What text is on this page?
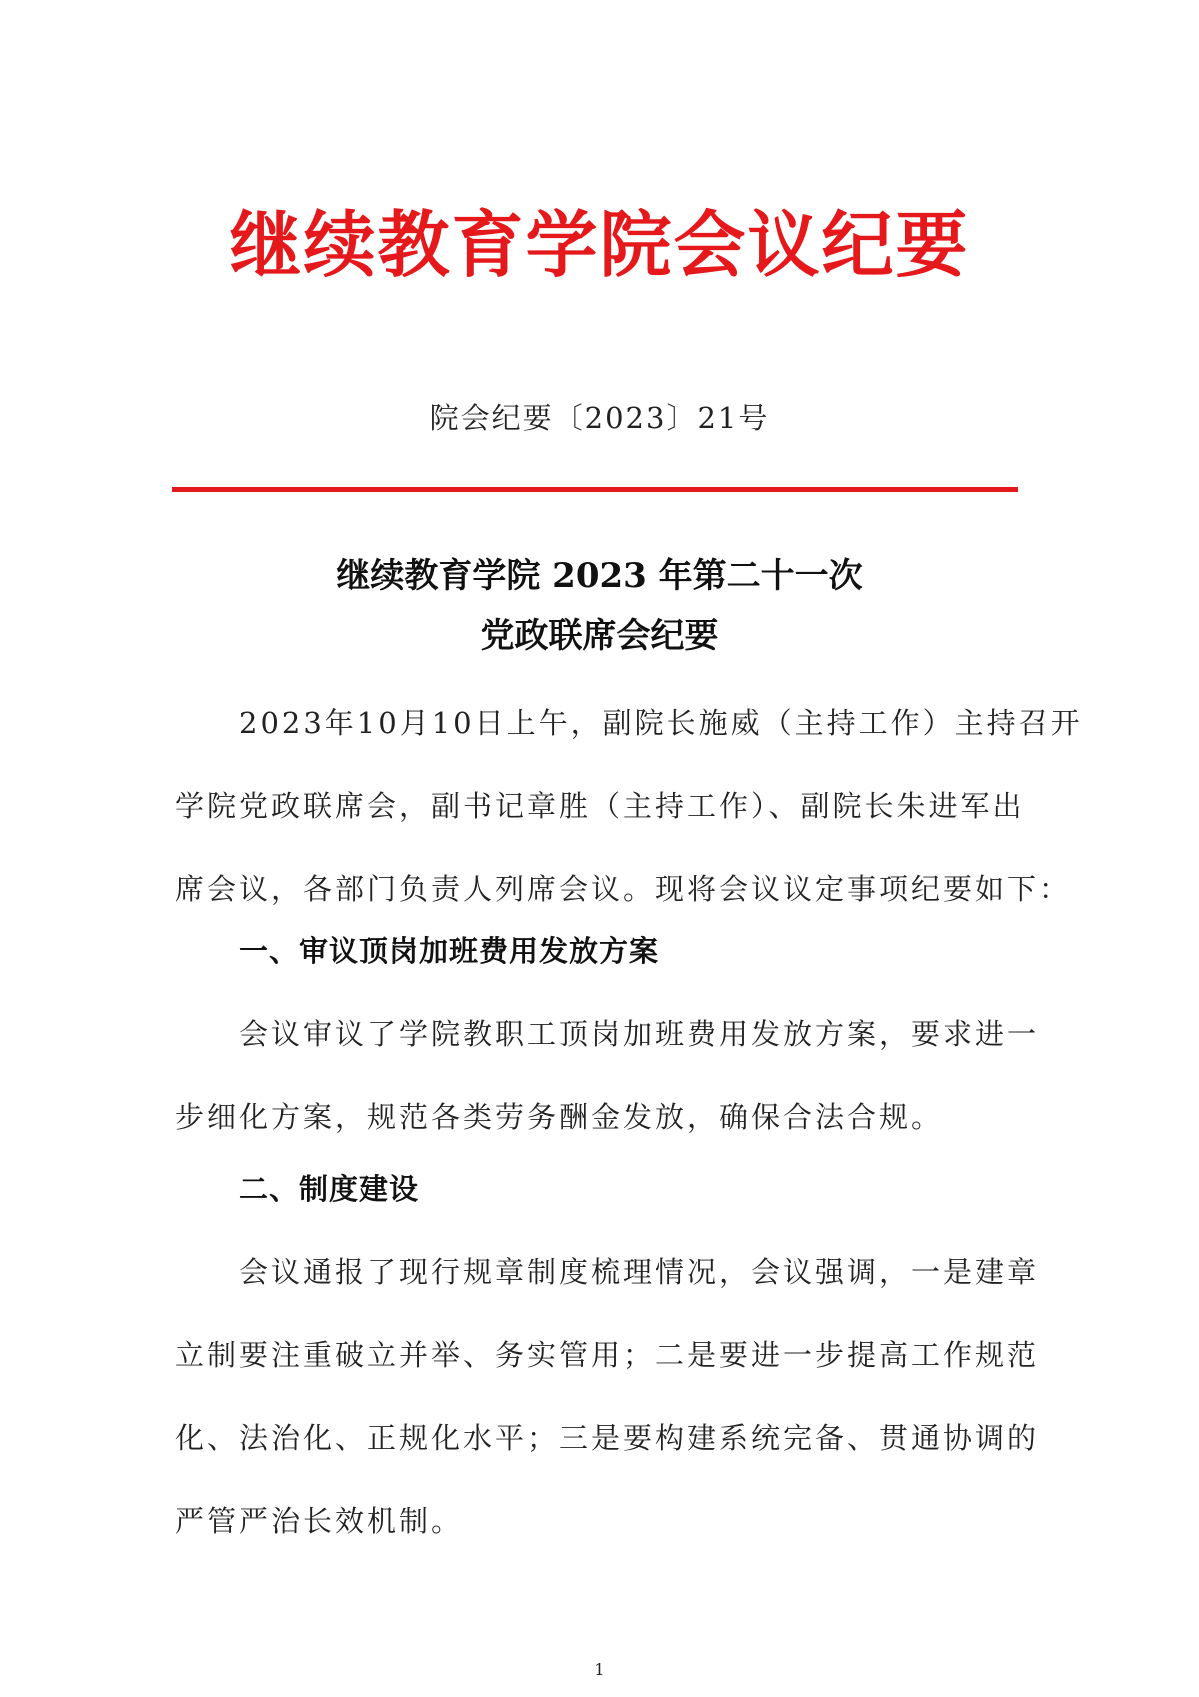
继续教育学院会议纪要
院会纪要〔2023〕21号
继续教育学院 2023 年第二十一次
党政联席会纪要

2023年10月10日上午，副院长施威（主持工作）主持召开

学院党政联席会，副书记章胜（主持工作）、副院长朱进军出
席会议，各部门负责人列席会议。现将会议议定事项纪要如下：

一、审议顶岗加班费用发放方案

会议审议了学院教职工顶岗加班费用发放方案，要求进一

步细化方案，规范各类劳务酬金发放，确保合法合规。

二、制度建设

会议通报了现行规章制度梳理情况，会议强调，一是建章

立制要注重破立并举、务实管用；二是要进一步提高工作规范
化、法治化、正规化水平；三是要构建系统完备、贯通协调的
严管严治长效机制。

1
